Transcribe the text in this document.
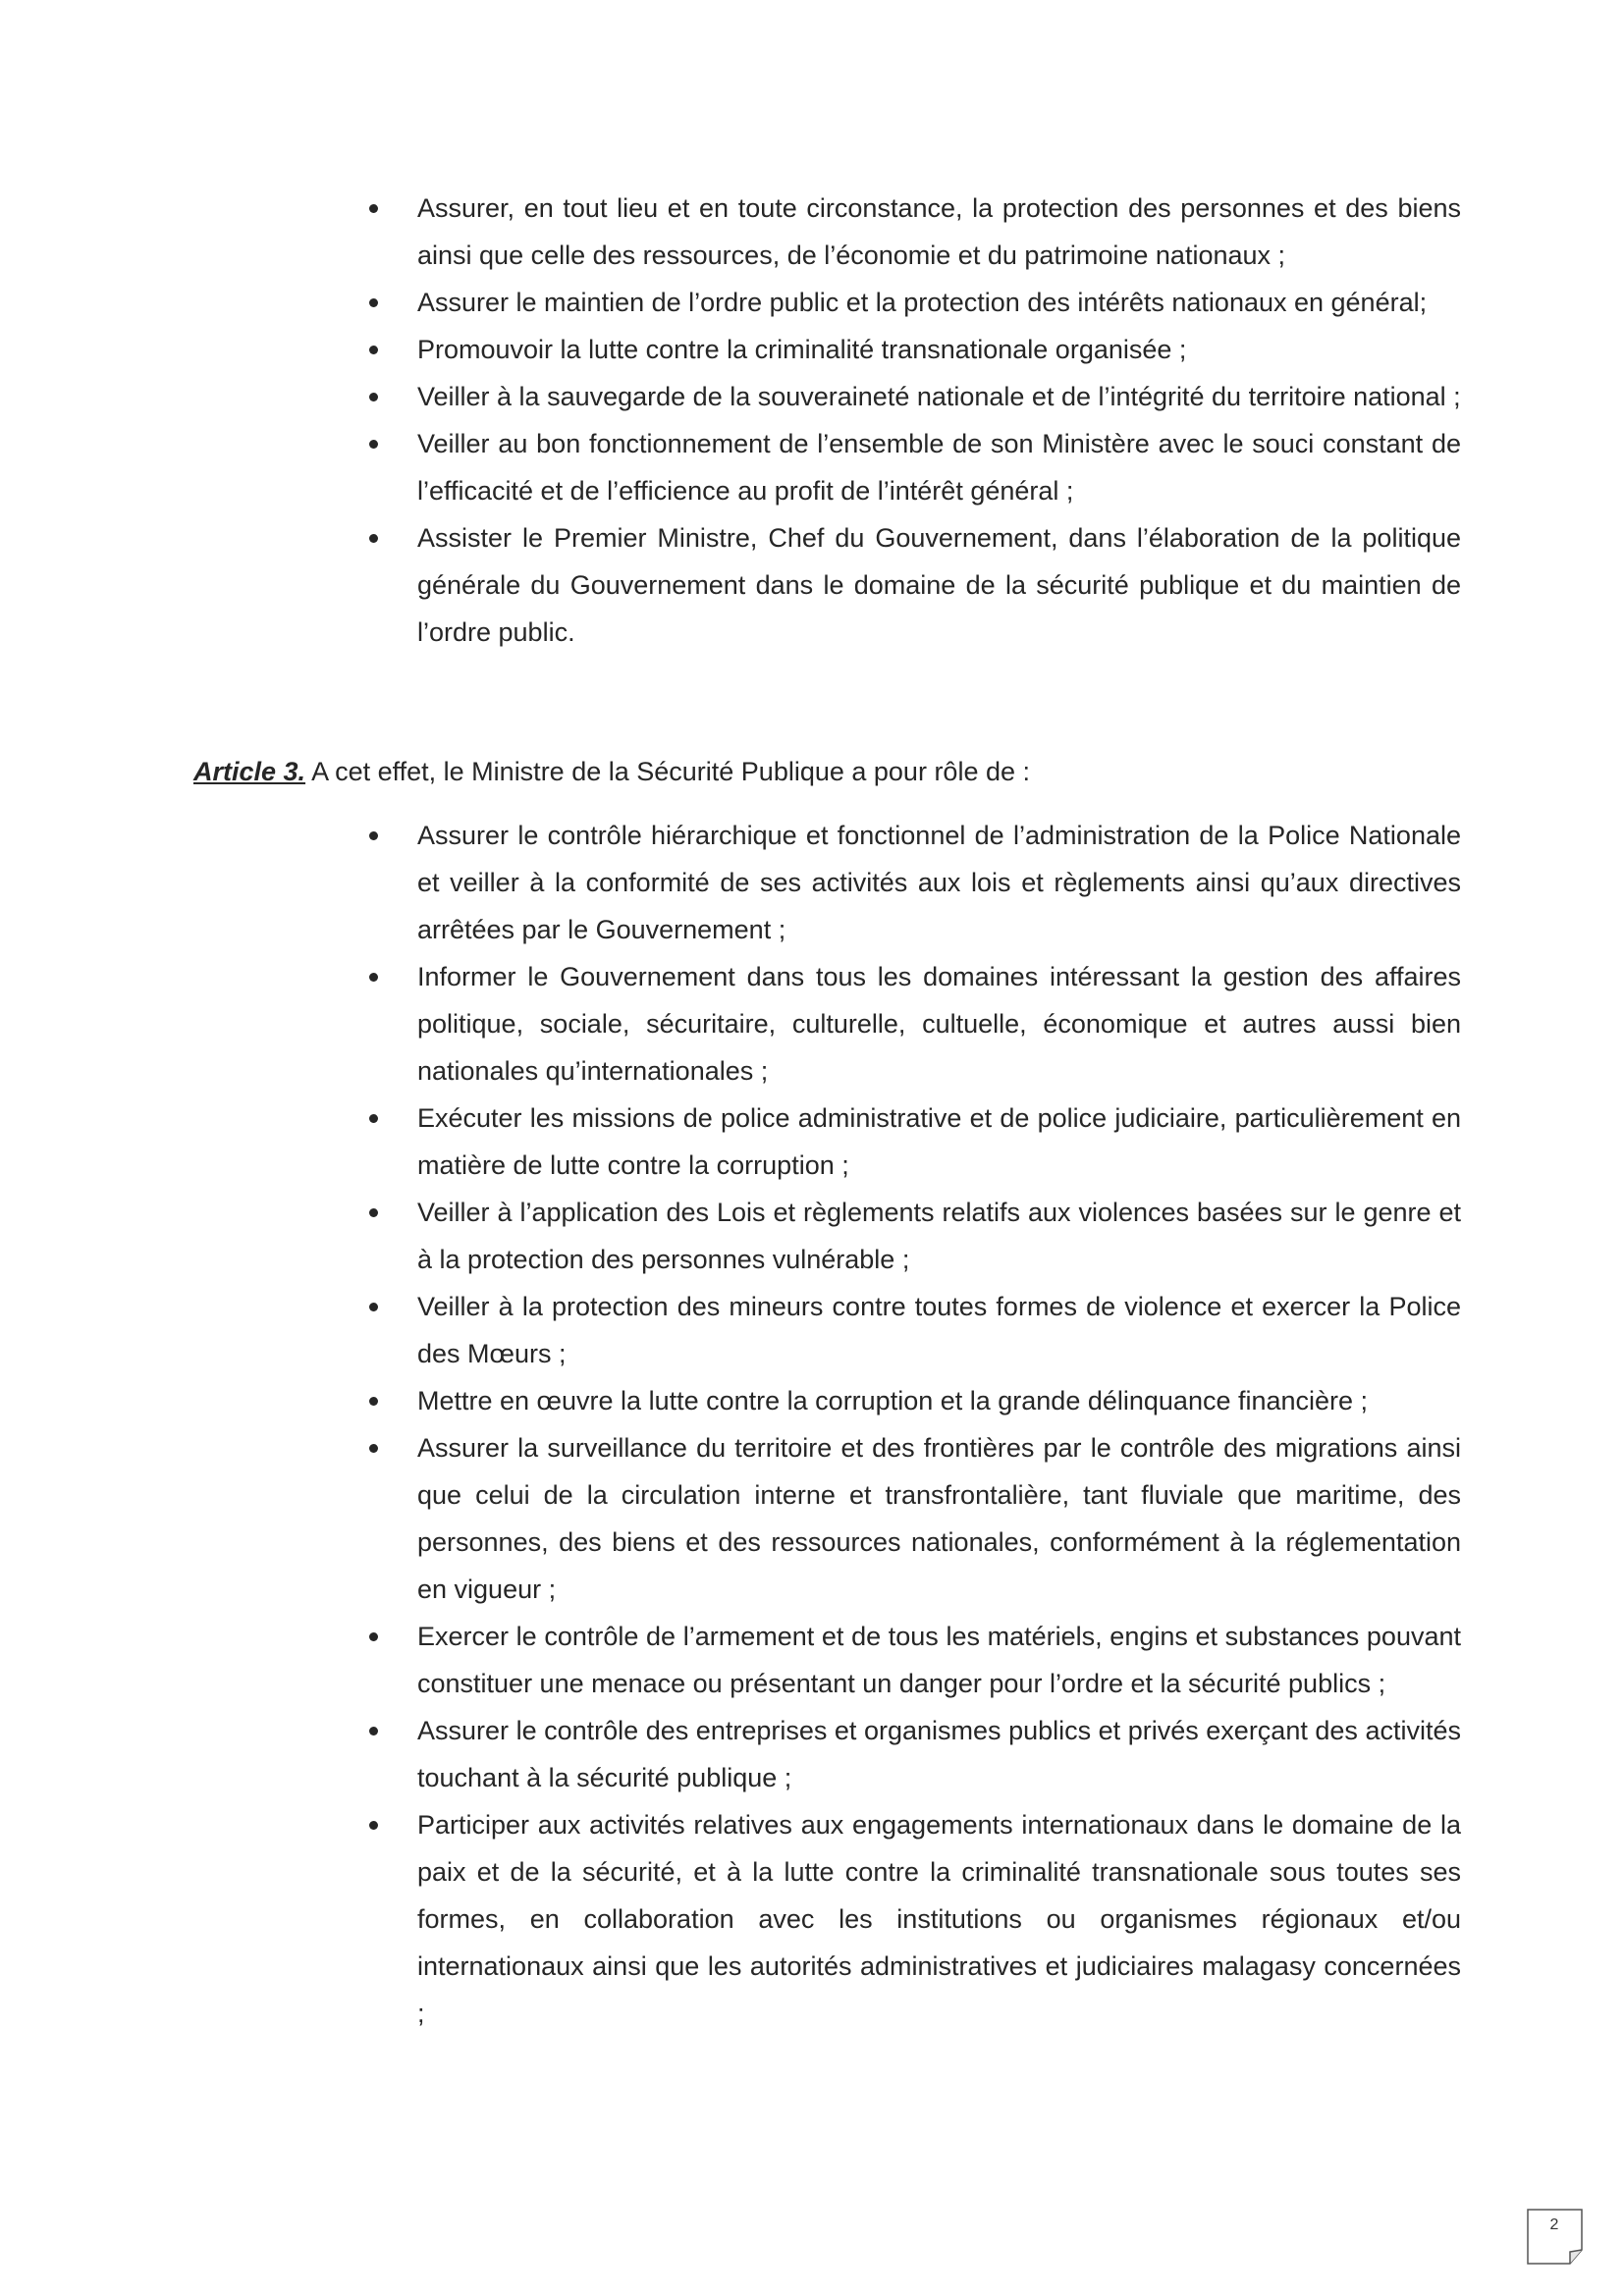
Assurer, en tout lieu et en toute circonstance, la protection des personnes et des biens ainsi que celle des ressources, de l’économie et du patrimoine nationaux ;
Assurer le maintien de l’ordre public et la protection des intérêts nationaux en général;
Promouvoir la lutte contre la criminalité transnationale organisée ;
Veiller à la sauvegarde de la souveraineté nationale et de l’intégrité du territoire national ;
Veiller au bon fonctionnement de l’ensemble de son Ministère avec le souci constant de l’efficacité et de l’efficience au profit de l’intérêt général ;
Assister le Premier Ministre, Chef du Gouvernement, dans l’élaboration de la politique générale du Gouvernement dans le domaine de la sécurité publique et du maintien de l’ordre public.
Article 3. A cet effet, le Ministre de la Sécurité Publique a pour rôle de :
Assurer le contrôle hiérarchique et fonctionnel de l’administration de la Police Nationale et veiller à la conformité de ses activités aux lois et règlements ainsi qu’aux directives arrêtées par le Gouvernement ;
Informer le Gouvernement dans tous les domaines intéressant la gestion des affaires politique, sociale, sécuritaire, culturelle, cultuelle, économique et autres aussi bien nationales qu’internationales ;
Exécuter les missions de police administrative et de police judiciaire, particulièrement en matière de lutte contre la corruption ;
Veiller à l’application des Lois et règlements relatifs aux violences basées sur le genre et à la protection des personnes vulnérable ;
Veiller à la protection des mineurs contre toutes formes de violence et exercer la Police des Mœurs ;
Mettre en œuvre la lutte contre la corruption et la grande délinquance financière ;
Assurer la surveillance du territoire et des frontières par le contrôle des migrations ainsi que celui de la circulation interne et transfrontalière, tant fluviale que maritime, des personnes, des biens et des ressources nationales, conformément à la réglementation en vigueur ;
Exercer le contrôle de l’armement et de tous les matériels, engins et substances pouvant constituer une menace ou présentant un danger pour l’ordre et la sécurité publics ;
Assurer le contrôle des entreprises et organismes publics et privés exerçant des activités touchant à la sécurité publique ;
Participer aux activités relatives aux engagements internationaux dans le domaine de la paix et de la sécurité, et à la lutte contre la criminalité transnationale sous toutes ses formes, en collaboration avec les institutions ou organismes régionaux et/ou internationaux ainsi que les autorités administratives et judiciaires malagasy concernées ;
2
